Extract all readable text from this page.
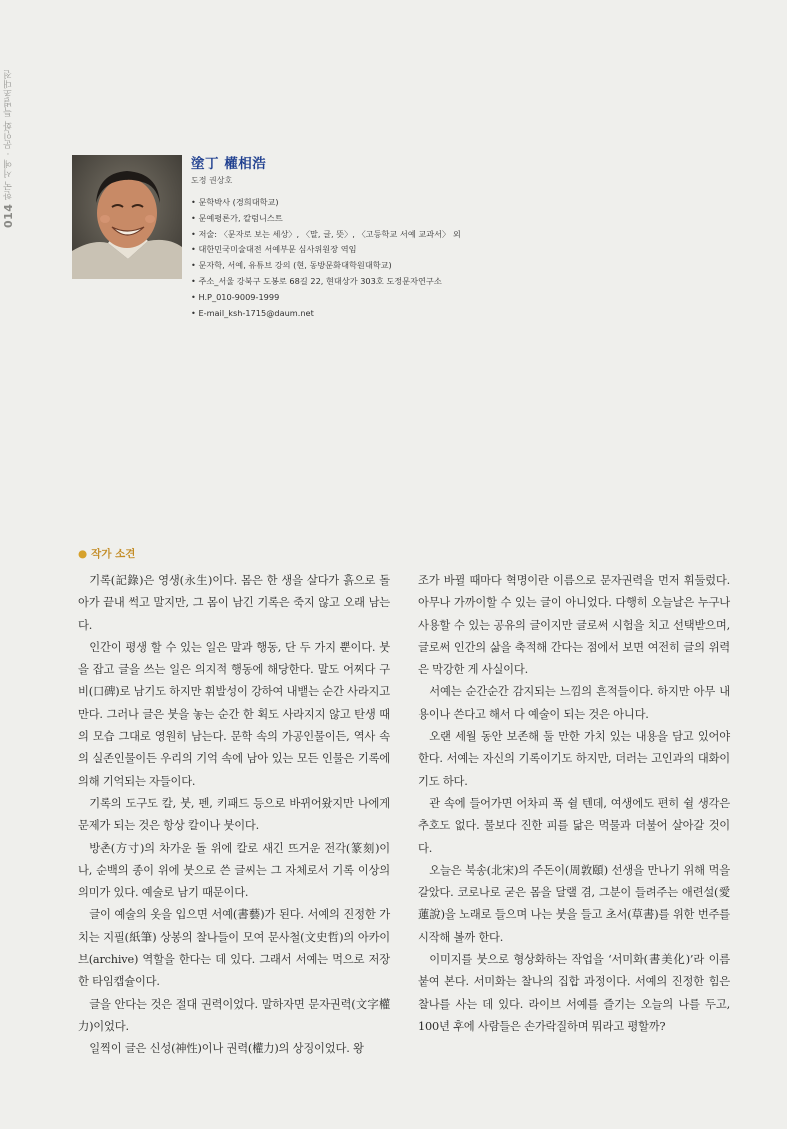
014 한국 서예 · 문인화 특별초대전	塗丁 權相浩
도정 권상호
• 문학박사 (경희대학교)
• 문예평론가, 칼럼니스트
• 저술: 〈문자로 보는 세상〉, 〈말, 글, 뜻〉, 〈고등학교 서예 교과서〉 외
• 대한민국미술대전 서예부문 심사위원장 역임
• 문자학, 서예, 유튜브 강의 (현, 동방문화대학원대학교)
• 주소_서울 강북구 도봉로 68길 22, 현대상가 303호 도정문자연구소
• H.P_010-9009-1999
• E-mail_ksh-1715@daum.net
● 작가 소견

기록(記錄)은 영생(永生)이다. 몸은 한 생을 살다가 흙으로 돌아가 끝내 썩고 말지만, 그 몸이 남긴 기록은 죽지 않고 오래 남는다.

인간이 평생 할 수 있는 일은 말과 행동, 단 두 가지 뿐이다. 붓을 잡고 글을 쓰는 일은 의지적 행동에 해당한다. 말도 어찌다 구비(口碑)로 남기도 하지만 휘발성이 강하여 내뱉는 순간 사라지고 만다. 그러나 글은 붓을 놓는 순간 한 획도 사라지지 않고 탄생 때의 모습 그대로 영원히 남는다. 문학 속의 가공인물이든, 역사 속의 실존인물이든 우리의 기억 속에 남아 있는 모든 인물은 기록에 의해 기억되는 자들이다.

기록의 도구도 칼, 붓, 펜, 키패드 등으로 바뀌어왔지만 나에게 문제가 되는 것은 항상 칼이나 붓이다.

방촌(方寸)의 차가운 돌 위에 칼로 새긴 뜨거운 전각(篆刻)이나, 순백의 종이 위에 붓으로 쓴 글씨는 그 자체로서 기록 이상의 의미가 있다. 예술로 남기 때문이다.

글이 예술의 옷을 입으면 서예(書藝)가 된다. 서예의 진정한 가치는 지필(紙筆) 상봉의 찰나들이 모여 문사철(文史哲)의 아카이브(archive) 역할을 한다는 데 있다. 그래서 서예는 먹으로 저장한 타임캡슐이다.

글을 안다는 것은 절대 권력이었다. 말하자면 문자권력(文字權力)이었다.

일찍이 글은 신성(神性)이나 권력(權力)의 상징이었다. 왕

조가 바뀔 때마다 혁명이란 이름으로 문자권력을 먼저 휘둘렀다. 아무나 가까이할 수 있는 글이 아니었다. 다행히 오늘날은 누구나 사용할 수 있는 공유의 글이지만 글로써 시험을 치고 선택받으며, 글로써 인간의 삶을 축적해 간다는 점에서 보면 여전히 글의 위력은 막강한 게 사실이다.

서예는 순간순간 감지되는 느낌의 흔적들이다. 하지만 아무 내용이나 쓴다고 해서 다 예술이 되는 것은 아니다.

오랜 세월 동안 보존해 둘 만한 가치 있는 내용을 담고 있어야 한다. 서예는 자신의 기록이기도 하지만, 더러는 고인과의 대화이기도 하다.

관 속에 들어가면 어차피 푹 쉴 텐데, 여생에도 편히 쉴 생각은 추호도 없다. 물보다 진한 피를 닮은 먹물과 더불어 살아갈 것이다.

오늘은 북송(北宋)의 주돈이(周敦頤) 선생을 만나기 위해 먹을 갈았다. 코로나로 굳은 몸을 달랠 겸, 그분이 들려주는 애련설(愛蓮說)을 노래로 들으며 나는 붓을 들고 초서(草書)를 위한 번주를 시작해 볼까 한다.

이미지를 붓으로 형상화하는 작업을 ‘서미화(書美化)’라 이름 붙여 본다. 서미화는 찰나의 집합 과정이다. 서예의 진정한 힘은 찰나를 사는 데 있다. 라이브 서예를 즐기는 오늘의 나를 두고, 100년 후에 사람들은 손가락질하며 뭐라고 평할까?
